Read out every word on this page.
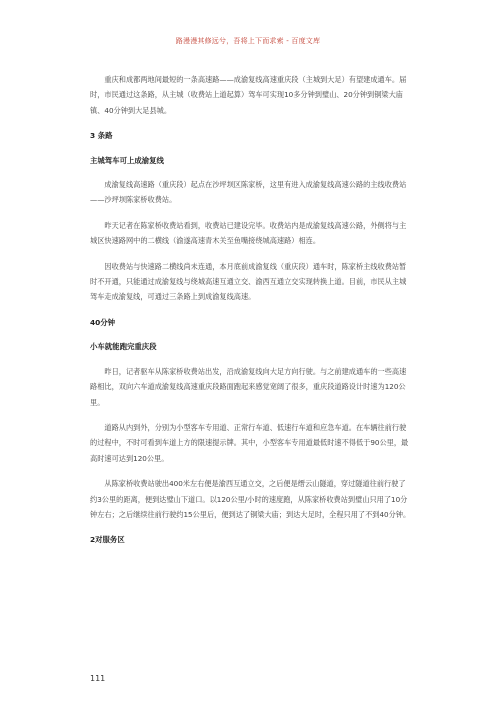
路漫漫其修远兮，吾将上下而求索 - 百度文库

重庆和成都两地间最短的一条高速路——成渝复线高速重庆段（主城到大足）有望建成通车。届时，市民通过这条路，从主城（收费站上道起算）驾车可实现10多分钟到璧山、20分钟到铜梁大庙镇、40分钟到大足县城。

3 条路

主城驾车可上成渝复线

成渝复线高速路（重庆段）起点在沙坪坝区陈家桥，这里有进入成渝复线高速公路的主线收费站——沙坪坝陈家桥收费站。

昨天记者在陈家桥收费站看到，收费站已建设完毕。收费站内是成渝复线高速公路，外侧将与主城区快速路网中的二横线（渝遂高速青木关至鱼嘴接绕城高速路）相连。

因收费站与快速路二横线尚未连通，本月底前成渝复线（重庆段）通车时，陈家桥主线收费站暂时不开通，只能通过成渝复线与绕城高速互通立交、渝西互通立交实现转换上道。目前，市民从主城驾车走成渝复线，可通过三条路上到成渝复线高速。

40分钟

小车就能跑完重庆段

昨日，记者驱车从陈家桥收费站出发，沿成渝复线向大足方向行驶。与之前建成通车的一些高速路相比，双向六车道成渝复线高速重庆段路面跑起来感觉宽阔了很多，重庆段道路设计时速为120公里。

道路从内到外，分别为小型客车专用道、正常行车道、低速行车道和应急车道。在车辆往前行驶的过程中，不时可看到车道上方的限速提示牌。其中，小型客车专用道最低时速不得低于90公里，最高时速可达到120公里。

从陈家桥收费站驶出400米左右便是渝西互通立交，之后便是缙云山隧道，穿过隧道往前行驶了约3公里的距离，便到达璧山下道口。以120公里/小时的速度跑，从陈家桥收费站到璧山只用了10分钟左右；之后继续往前行驶约15公里后，便到达了铜梁大庙；到达大足时，全程只用了不到40分钟。

2对服务区

111
